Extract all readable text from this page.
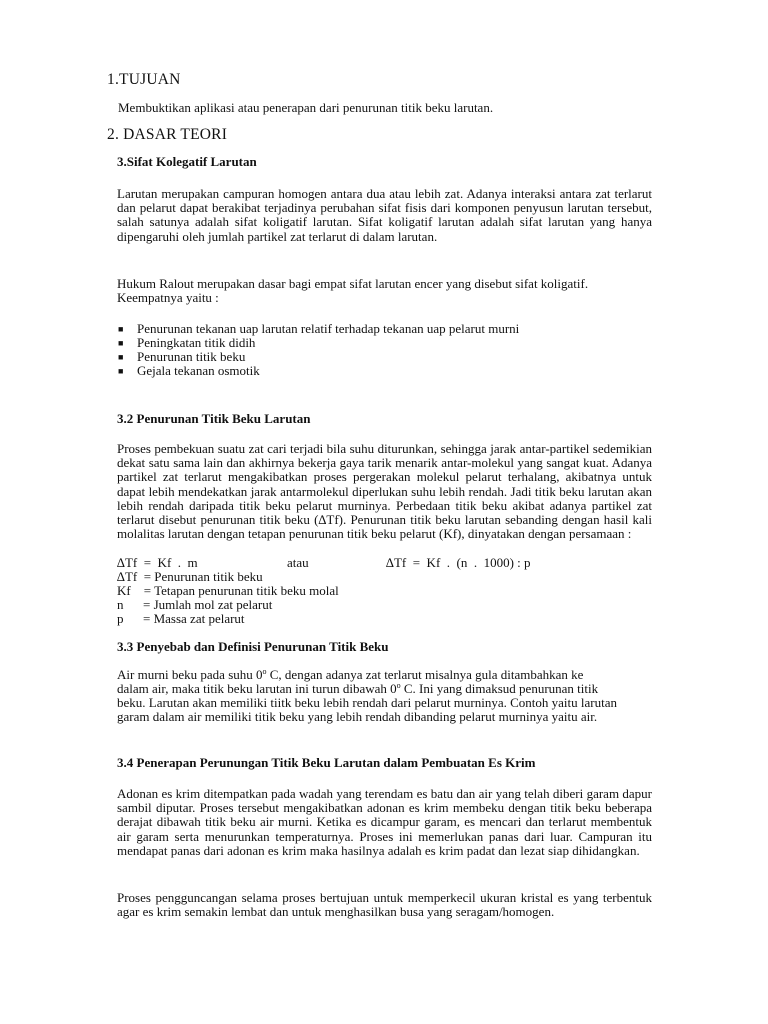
1.TUJUAN
Membuktikan aplikasi atau penerapan dari penurunan titik beku larutan.
2. DASAR TEORI
3.Sifat Kolegatif Larutan
Larutan merupakan campuran homogen antara dua atau lebih zat. Adanya interaksi antara zat terlarut dan pelarut dapat berakibat terjadinya perubahan sifat fisis dari komponen penyusun larutan tersebut, salah satunya adalah sifat koligatif larutan. Sifat koligatif larutan adalah sifat larutan yang hanya dipengaruhi oleh jumlah partikel zat terlarut di dalam larutan.
Hukum Ralout merupakan dasar bagi empat sifat larutan encer yang disebut sifat koligatif. Keempatnya yaitu :
■ Penurunan tekanan uap larutan relatif terhadap tekanan uap pelarut murni
■ Peningkatan titik didih
■ Penurunan titik beku
■ Gejala tekanan osmotik
3.2 Penurunan Titik Beku Larutan
Proses pembekuan suatu zat cari terjadi bila suhu diturunkan, sehingga jarak antar-partikel sedemikian dekat satu sama lain dan akhirnya bekerja gaya tarik menarik antar-molekul yang sangat kuat. Adanya partikel zat terlarut mengakibatkan proses pergerakan molekul pelarut terhalang, akibatnya untuk dapat lebih mendekatkan jarak antarmolekul diperlukan suhu lebih rendah. Jadi titik beku larutan akan lebih rendah daripada titik beku pelarut murninya. Perbedaan titik beku akibat adanya partikel zat terlarut disebut penurunan titik beku (∆Tf). Penurunan titik beku larutan sebanding dengan hasil kali molalitas larutan dengan tetapan penurunan titik beku pelarut (Kf), dinyatakan dengan persamaan :
∆Tf  =  Kf  .  m	atau	∆Tf  =  Kf  .  (n  .  1000) : p
∆Tf  = Penurunan titik beku
Kf    = Tetapan penurunan titik beku molal
n      = Jumlah mol zat pelarut
p      = Massa zat pelarut
3.3 Penyebab dan Definisi Penurunan Titik Beku
Air murni beku pada suhu 0$^o$ C, dengan adanya zat terlarut misalnya gula ditambahkan ke
dalam air, maka titik beku larutan ini turun dibawah 0$^o$ C. Ini yang dimaksud penurunan titik
beku. Larutan akan memiliki tiitk beku lebih rendah dari pelarut murninya. Contoh yaitu larutan garam dalam air memiliki titik beku yang lebih rendah dibanding pelarut murninya yaitu air.
3.4 Penerapan Perunungan Titik Beku Larutan dalam Pembuatan Es Krim
Adonan es krim ditempatkan pada wadah yang terendam es batu dan air yang telah diberi garam dapur sambil diputar. Proses tersebut mengakibatkan adonan es krim membeku dengan titik beku beberapa derajat dibawah titik beku air murni. Ketika es dicampur garam, es mencari dan terlarut membentuk air garam serta menurunkan temperaturnya. Proses ini memerlukan panas dari luar. Campuran itu mendapat panas dari adonan es krim maka hasilnya adalah es krim padat dan lezat siap dihidangkan.
Proses pengguncangan selama proses bertujuan untuk memperkecil ukuran kristal es yang terbentuk agar es krim semakin lembat dan untuk menghasilkan busa yang seragam/homogen.
